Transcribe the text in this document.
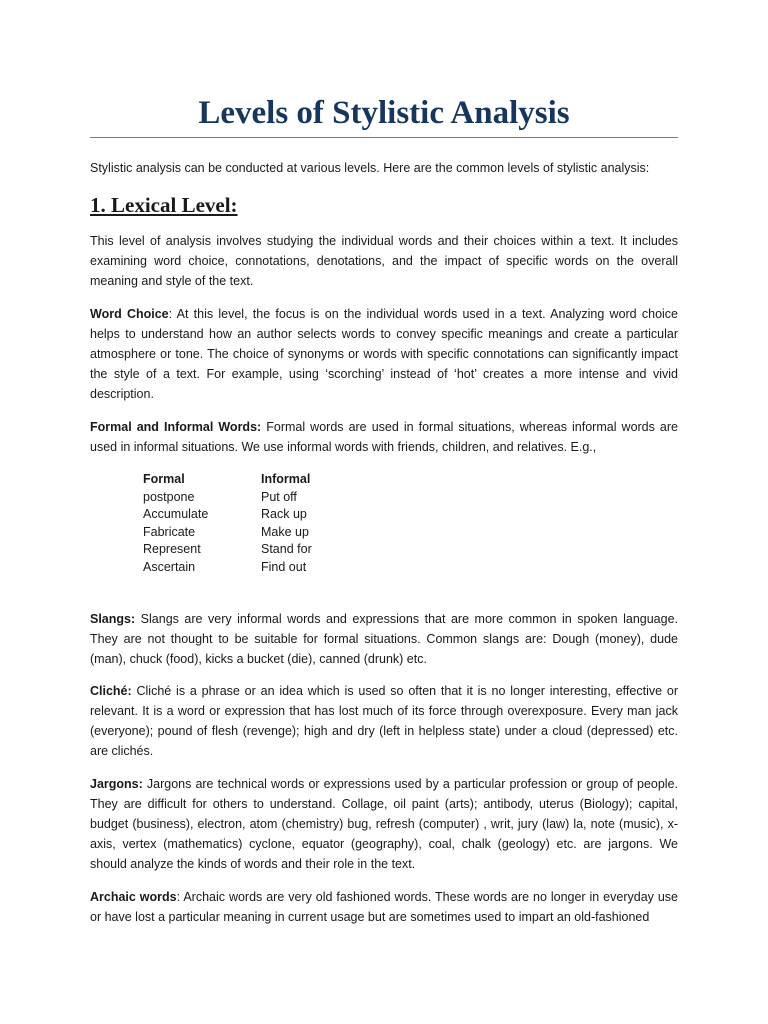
Levels of Stylistic Analysis

Stylistic analysis can be conducted at various levels. Here are the common levels of stylistic analysis:

1. Lexical Level:

This level of analysis involves studying the individual words and their choices within a text. It includes examining word choice, connotations, denotations, and the impact of specific words on the overall meaning and style of the text.

Word Choice: At this level, the focus is on the individual words used in a text. Analyzing word choice helps to understand how an author selects words to convey specific meanings and create a particular atmosphere or tone. The choice of synonyms or words with specific connotations can significantly impact the style of a text. For example, using ‘scorching’ instead of ‘hot’ creates a more intense and vivid description.

Formal and Informal Words: Formal words are used in formal situations, whereas informal words are used in informal situations. We use informal words with friends, children, and relatives. E.g.,

Formal	Informal
postpone	Put off
Accumulate	Rack up
Fabricate	Make up
Represent	Stand for
Ascertain	Find out

Slangs: Slangs are very informal words and expressions that are more common in spoken language. They are not thought to be suitable for formal situations. Common slangs are: Dough (money), dude (man), chuck (food), kicks a bucket (die), canned (drunk) etc.

Cliché: Cliché is a phrase or an idea which is used so often that it is no longer interesting, effective or relevant. It is a word or expression that has lost much of its force through overexposure. Every man jack (everyone); pound of flesh (revenge); high and dry (left in helpless state) under a cloud (depressed) etc. are clichés.

Jargons: Jargons are technical words or expressions used by a particular profession or group of people. They are difficult for others to understand. Collage, oil paint (arts); antibody, uterus (Biology); capital, budget (business), electron, atom (chemistry) bug, refresh (computer) , writ, jury (law) la, note (music), x-axis, vertex (mathematics) cyclone, equator (geography), coal, chalk (geology) etc. are jargons. We should analyze the kinds of words and their role in the text.

Archaic words: Archaic words are very old fashioned words. These words are no longer in everyday use or have lost a particular meaning in current usage but are sometimes used to impart an old-fashioned
